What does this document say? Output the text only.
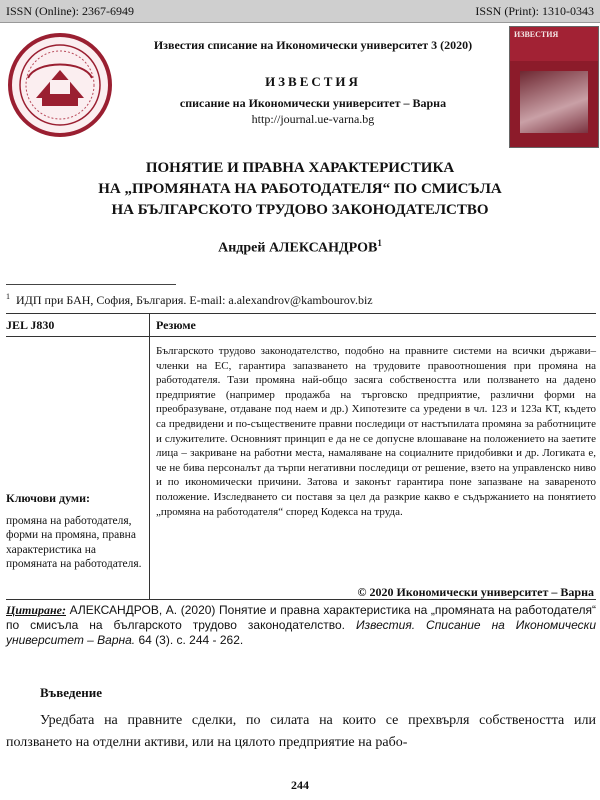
ISSN (Online): 2367-6949	ISSN (Print): 1310-0343
Известия списание на Икономически университет 3 (2020)
ИЗВЕСТИЯ
списание на Икономически университет – Варна
http://journal.ue-varna.bg
ИЗВЕСТИЯ
ПОНЯТИЕ И ПРАВНА ХАРАКТЕРИСТИКА
НА „ПРОМЯНАТА НА РАБОТОДАТЕЛЯ“ ПО СМИСЪЛА
НА БЪЛГАРСКОТО ТРУДОВО ЗАКОНОДАТЕЛСТВО
Андрей АЛЕКСАНДРОВ$^1$
$^1$ ИДП при БАН, София, България. E-mail: a.alexandrov@kambourov.biz
JEL J830	Резюме

Българското трудово законодателство, подобно на правните системи на всички държави–членки на ЕС, гарантира запазването на трудовите правоотношения при промяна на работодателя. Тази промяна най-общо засяга собствеността или ползването на дадено предприятие (например продажба на търговско предприятие, различни форми на преобразуване, отдаване под наем и др.) Хипотезите са уредени в чл. 123 и 123а КТ, където са предвидени и по-съществените правни последици от настъпилата промяна за работниците и служителите. Основният принцип е да не се допусне влошаване на положението на заетите лица – закриване на работни места, намаляване на социалните придобивки и др. Логиката е, че не бива персоналът да търпи негативни последици от решение, взето на управленско ниво и по икономически причини. Затова и законът гарантира поне запазване на завареното положение. Изследването си поставя за цел да разкрие какво е съдържанието на понятието „промяна на работодателя“ според Кодекса на труда.

Ключови думи:
промяна на работодателя, форми на промяна, правна характеристика на промяната на работодателя.
© 2020 Икономически университет – Варна
Цитиране: АЛЕКСАНДРОВ, А. (2020) Понятие и правна характеристика на „промяната на работодателя“ по смисъла на българското трудово законодателство. Известия. Списание на Икономически университет – Варна. 64 (3). с. 244 - 262.
Въведение

Уредбата на правните сделки, по силата на които се прехвърля собствеността или ползването на отделни активи, или на цялото предприятие на рабо-

244
